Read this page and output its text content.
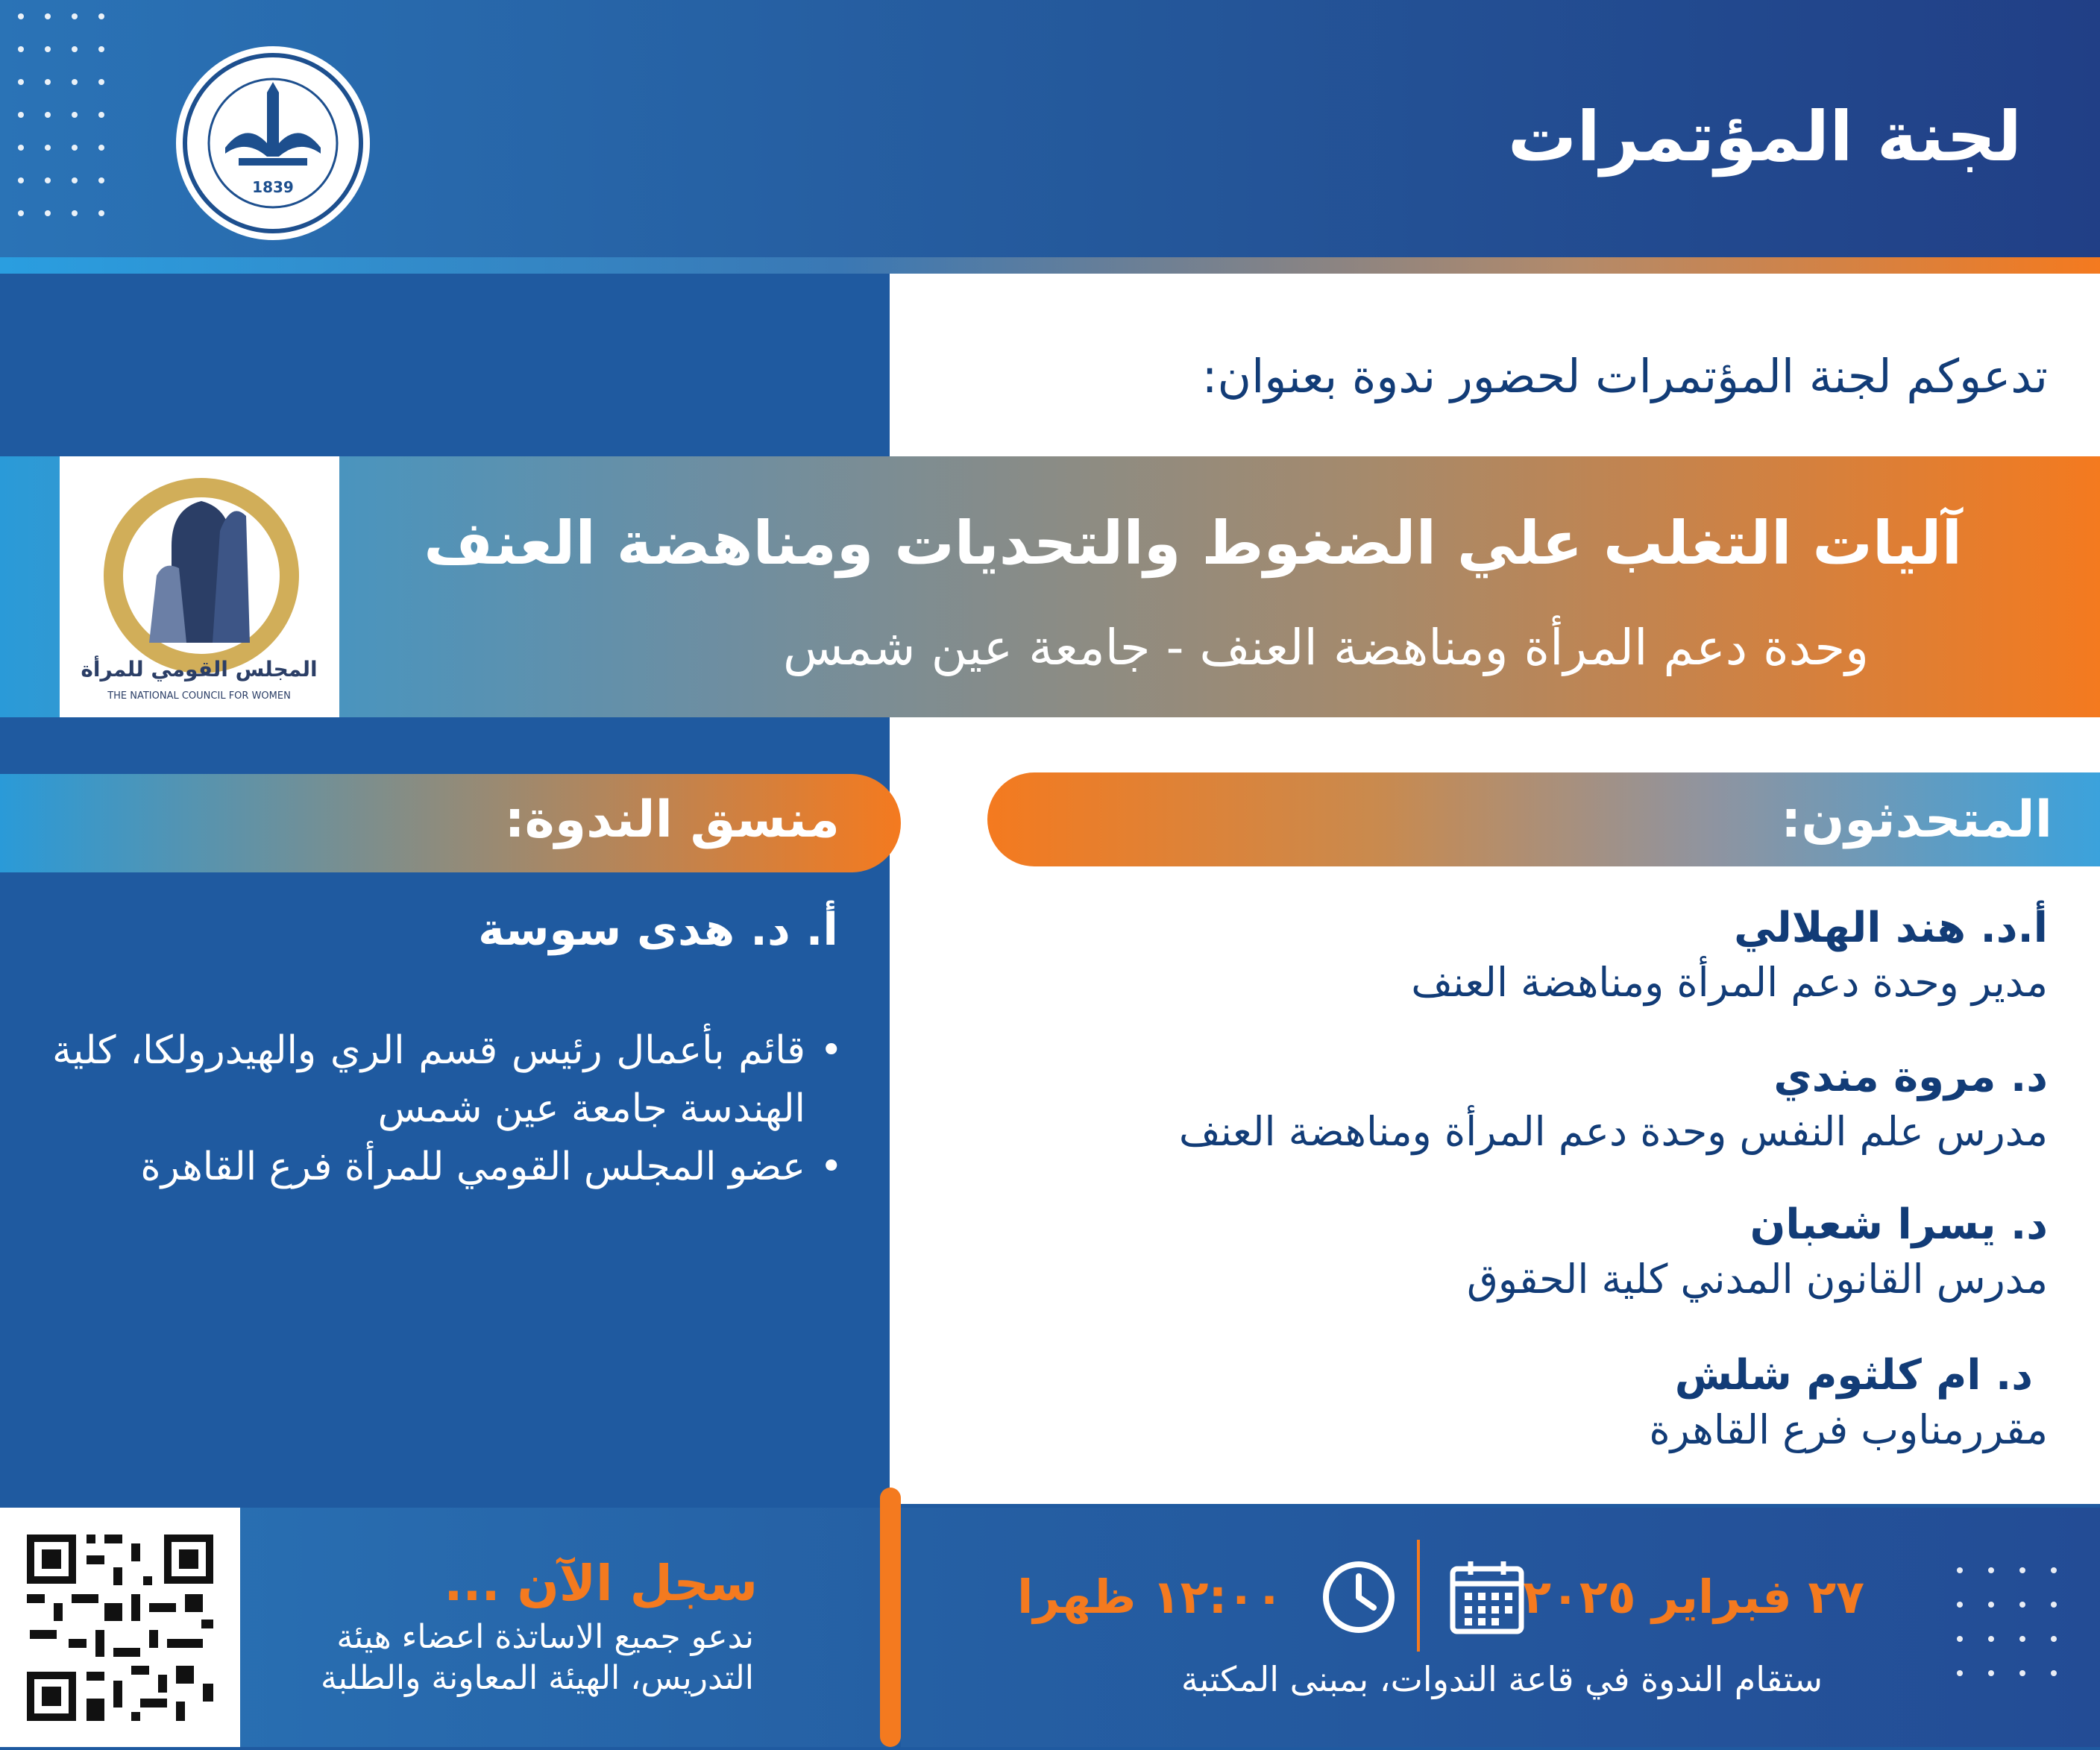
1839
لجنة المؤتمرات
تدعوكم لجنة المؤتمرات لحضور ندوة بعنوان:
المجلس القومي للمرأة
THE NATIONAL COUNCIL FOR WOMEN
آليات التغلب علي الضغوط والتحديات ومناهضة العنف
وحدة دعم المرأة ومناهضة العنف - جامعة عين شمس
منسق الندوة:	المتحدثون:
أ. د. هدى سوسة
• قائم بأعمال رئيس قسم الري والهيدرولكا، كلية الهندسة جامعة عين شمس
• عضو المجلس القومي للمرأة فرع القاهرة
أ.د. هند الهلالي
مدير وحدة دعم المرأة ومناهضة العنف
د. مروة مندي
مدرس علم النفس وحدة دعم المرأة ومناهضة العنف
د. يسرا شعبان
مدرس القانون المدني كلية الحقوق
د. ام كلثوم شلش
مقررمناوب فرع القاهرة
سجل الآن ...
ندعو جميع الاساتذة اعضاء هيئة التدريس، الهيئة المعاونة والطلبة
٢٧ فبراير ٢٠٢٥
١٢:٠٠ ظهرا
ستقام الندوة في قاعة الندوات، بمبنى المكتبة
